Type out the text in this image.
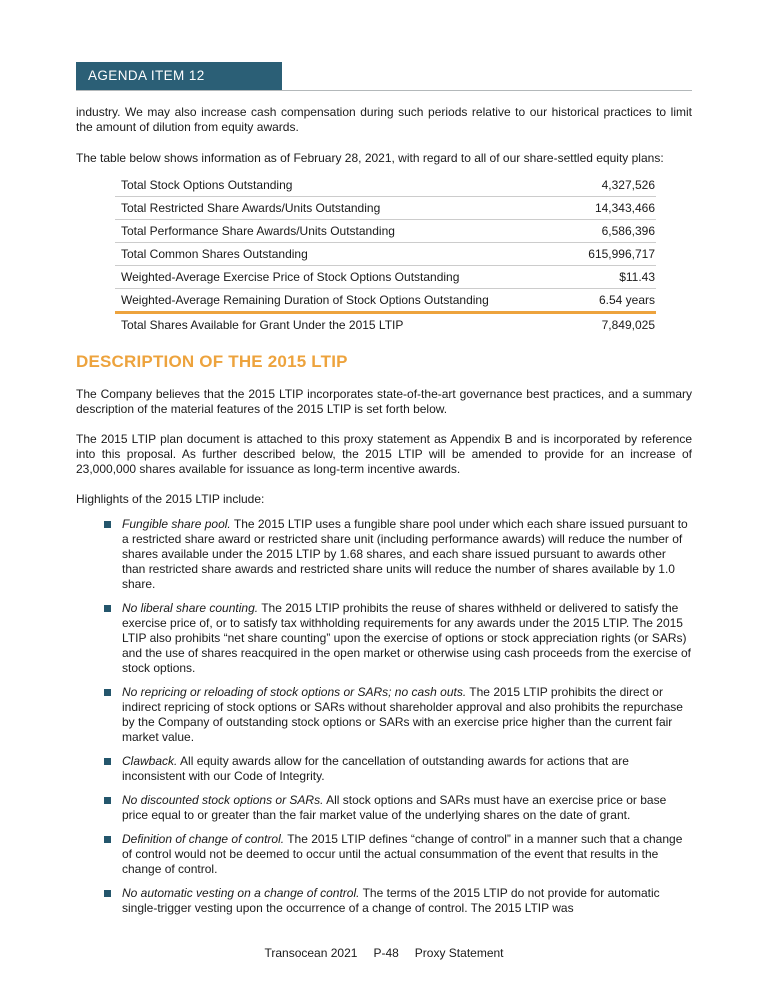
AGENDA ITEM 12

industry. We may also increase cash compensation during such periods relative to our historical practices to limit the amount of dilution from equity awards.

The table below shows information as of February 28, 2021, with regard to all of our share-settled equity plans:

Total Stock Options Outstanding	4,327,526
Total Restricted Share Awards/Units Outstanding	14,343,466
Total Performance Share Awards/Units Outstanding	6,586,396
Total Common Shares Outstanding	615,996,717
Weighted-Average Exercise Price of Stock Options Outstanding	$11.43
Weighted-Average Remaining Duration of Stock Options Outstanding	6.54 years
Total Shares Available for Grant Under the 2015 LTIP	7,849,025
DESCRIPTION OF THE 2015 LTIP

The Company believes that the 2015 LTIP incorporates state-of-the-art governance best practices, and a summary description of the material features of the 2015 LTIP is set forth below.

The 2015 LTIP plan document is attached to this proxy statement as Appendix B and is incorporated by reference into this proposal. As further described below, the 2015 LTIP will be amended to provide for an increase of 23,000,000 shares available for issuance as long-term incentive awards.

Highlights of the 2015 LTIP include:

Fungible share pool. The 2015 LTIP uses a fungible share pool under which each share issued pursuant to a restricted share award or restricted share unit (including performance awards) will reduce the number of shares available under the 2015 LTIP by 1.68 shares, and each share issued pursuant to awards other than restricted share awards and restricted share units will reduce the number of shares available by 1.0 share.
No liberal share counting. The 2015 LTIP prohibits the reuse of shares withheld or delivered to satisfy the exercise price of, or to satisfy tax withholding requirements for any awards under the 2015 LTIP. The 2015 LTIP also prohibits “net share counting” upon the exercise of options or stock appreciation rights (or SARs) and the use of shares reacquired in the open market or otherwise using cash proceeds from the exercise of stock options.
No repricing or reloading of stock options or SARs; no cash outs. The 2015 LTIP prohibits the direct or indirect repricing of stock options or SARs without shareholder approval and also prohibits the repurchase by the Company of outstanding stock options or SARs with an exercise price higher than the current fair market value.
Clawback. All equity awards allow for the cancellation of outstanding awards for actions that are inconsistent with our Code of Integrity.
No discounted stock options or SARs. All stock options and SARs must have an exercise price or base price equal to or greater than the fair market value of the underlying shares on the date of grant.
Definition of change of control. The 2015 LTIP defines “change of control” in a manner such that a change of control would not be deemed to occur until the actual consummation of the event that results in the change of control.
No automatic vesting on a change of control. The terms of the 2015 LTIP do not provide for automatic single-trigger vesting upon the occurrence of a change of control. The 2015 LTIP was
Transocean 2021 P-48 Proxy Statement
